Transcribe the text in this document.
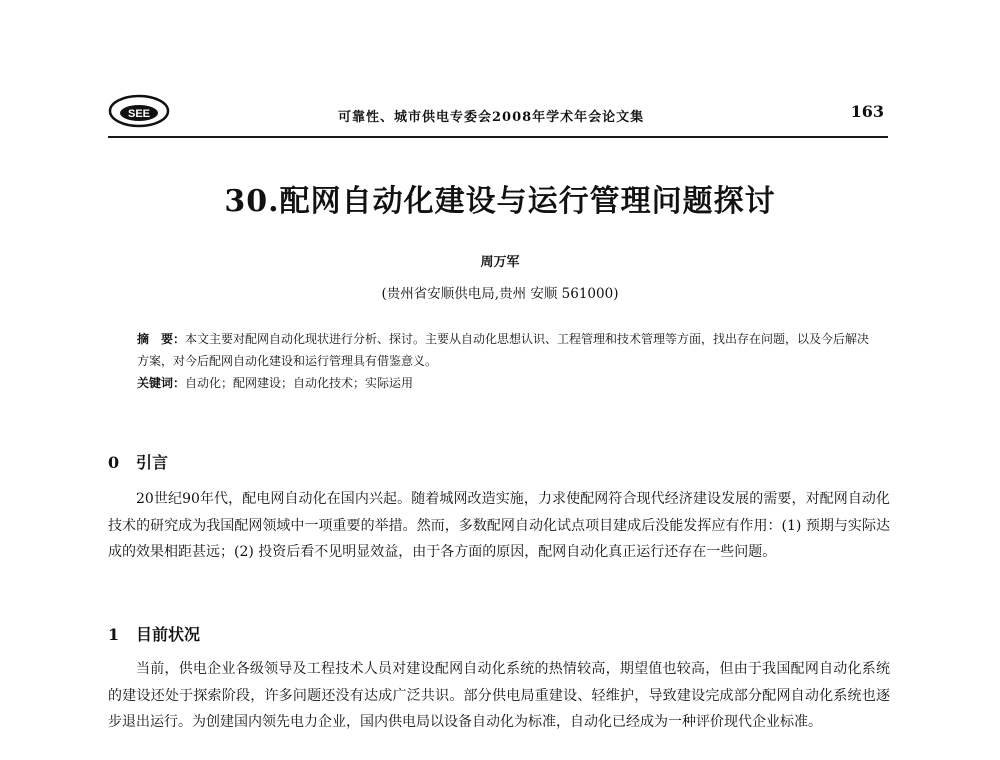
SEE	可靠性、城市供电专委会2008年学术年会论文集	163
30.配网自动化建设与运行管理问题探讨
周万军
(贵州省安顺供电局,贵州 安顺 561000)

摘　要：本文主要对配网自动化现状进行分析、探讨。主要从自动化思想认识、工程管理和技术管理等方面，找出存在问题，以及今后解决方案，对今后配网自动化建设和运行管理具有借鉴意义。

关键词：自动化；配网建设；自动化技术；实际运用

0 引言

20世纪90年代，配电网自动化在国内兴起。随着城网改造实施，力求使配网符合现代经济建设发展的需要，对配网自动化技术的研究成为我国配网领域中一项重要的举措。然而，多数配网自动化试点项目建成后没能发挥应有作用：(1) 预期与实际达成的效果相距甚远；(2) 投资后看不见明显效益，由于各方面的原因，配网自动化真正运行还存在一些问题。

1 目前状况

当前，供电企业各级领导及工程技术人员对建设配网自动化系统的热情较高，期望值也较高，但由于我国配网自动化系统的建设还处于探索阶段，许多问题还没有达成广泛共识。部分供电局重建设、轻维护，导致建设完成部分配网自动化系统也逐步退出运行。为创建国内领先电力企业，国内供电局以设备自动化为标准，自动化已经成为一种评价现代企业标准。
